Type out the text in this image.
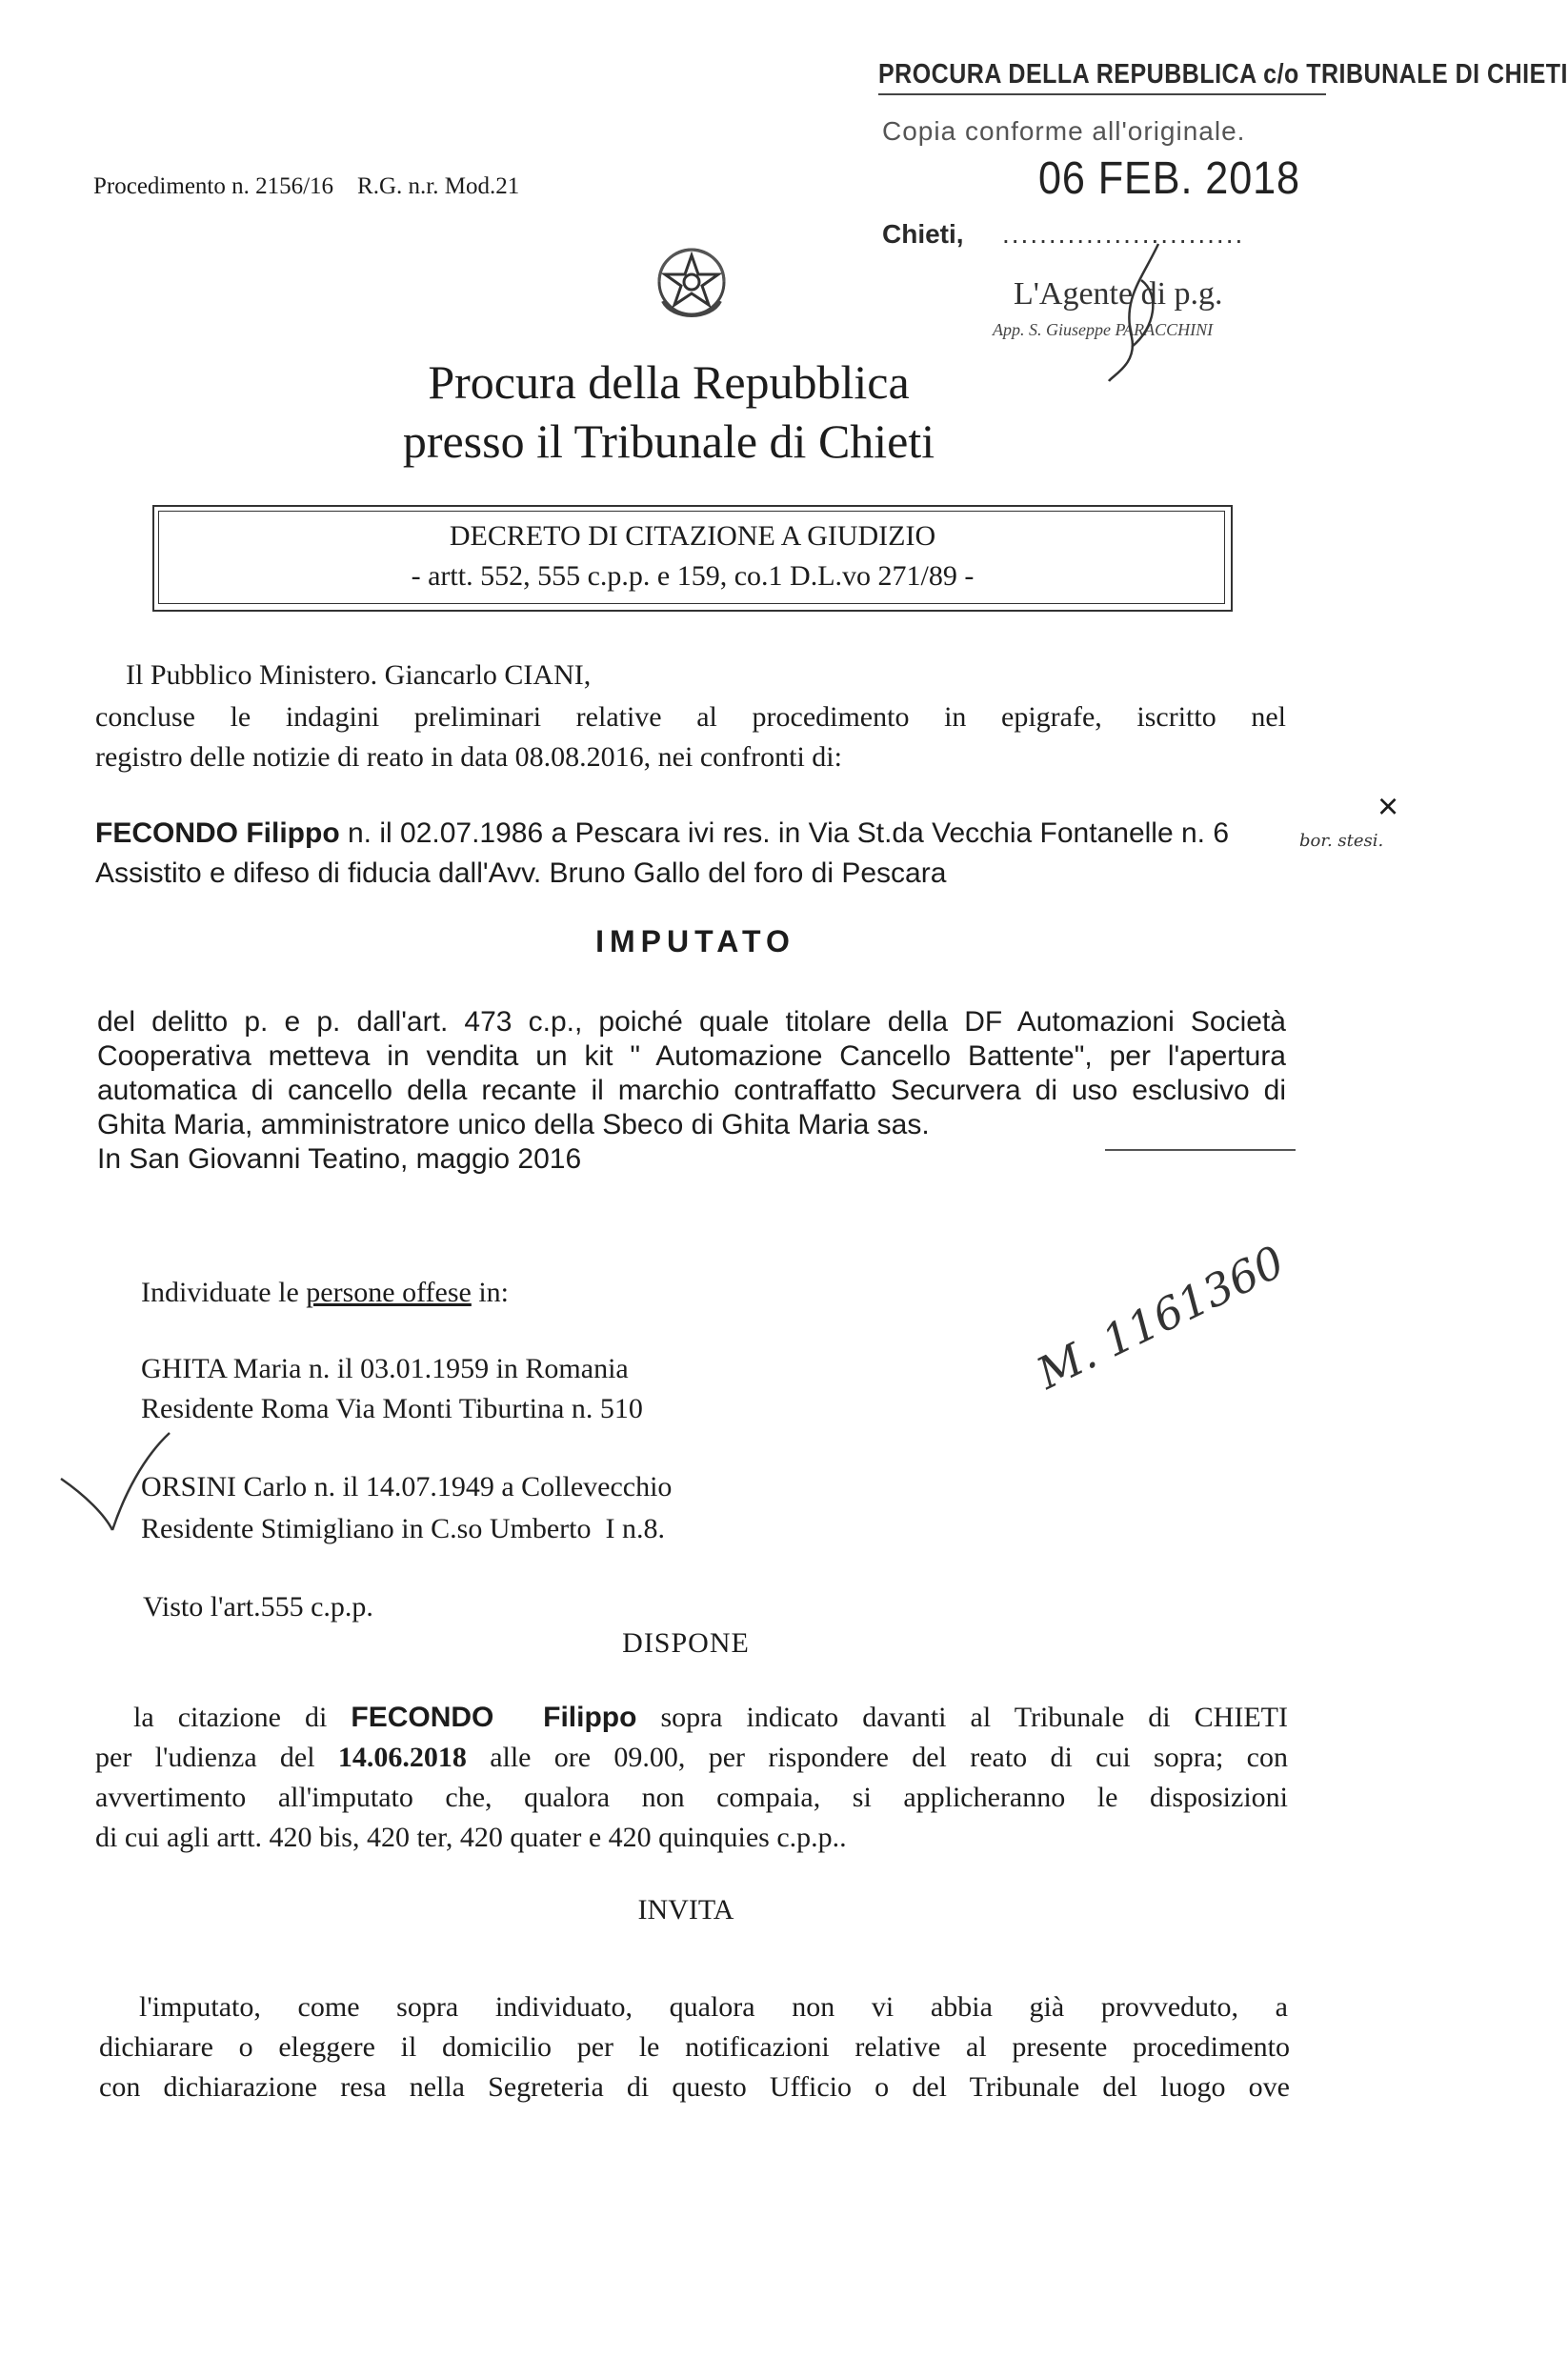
Procedimento n. 2156/16    R.G. n.r. Mod.21
PROCURA DELLA REPUBBLICA c/o TRIBUNALE DI CHIETI
Copia conforme all'originale.
06 FEB. 2018
Chieti, ..........................
L'Agente di p.g.
App. S. Giuseppe PARACCHINI
Procura della Repubblica
presso il Tribunale di Chieti
DECRETO DI CITAZIONE A GIUDIZIO
- artt. 552, 555 c.p.p. e 159, co.1 D.L.vo 271/89 -
Il Pubblico Ministero. Giancarlo CIANI,
concluse le indagini preliminari relative al procedimento in epigrafe, iscritto nel
registro delle notizie di reato in data 08.08.2016, nei confronti di:
FECONDO Filippo n. il 02.07.1986 a Pescara ivi res. in Via St.da Vecchia Fontanelle n. 6	bor. stesi.
×
Assistito e difeso di fiducia dall'Avv. Bruno Gallo del foro di Pescara
IMPUTATO
del delitto p. e p. dall'art. 473 c.p., poiché quale titolare della DF Automazioni Società
Cooperativa metteva in vendita un kit " Automazione Cancello Battente", per l'apertura
automatica di cancello della recante il marchio contraffatto Securvera di uso esclusivo di
Ghita Maria, amministratore unico della Sbeco di Ghita Maria sas.
In San Giovanni Teatino, maggio 2016
Individuate le persone offese in:
GHITA Maria n. il 03.01.1959 in Romania
Residente Roma Via Monti Tiburtina n. 510
ORSINI Carlo n. il 14.07.1949 a Collevecchio
Residente Stimigliano in C.so Umberto  I n.8.
M. 1161360
Visto l'art.555 c.p.p.
DISPONE
la citazione di FECONDO  Filippo sopra indicato davanti al Tribunale di CHIETI
per l'udienza del 14.06.2018 alle ore 09.00, per rispondere del reato di cui sopra; con
avvertimento all'imputato che, qualora non compaia, si applicheranno le disposizioni
di cui agli artt. 420 bis, 420 ter, 420 quater e 420 quinquies c.p.p..
INVITA
l'imputato, come sopra individuato, qualora non vi abbia già provveduto, a
dichiarare o eleggere il domicilio per le notificazioni relative al presente procedimento
con dichiarazione resa nella Segreteria di questo Ufficio o del Tribunale del luogo ove
